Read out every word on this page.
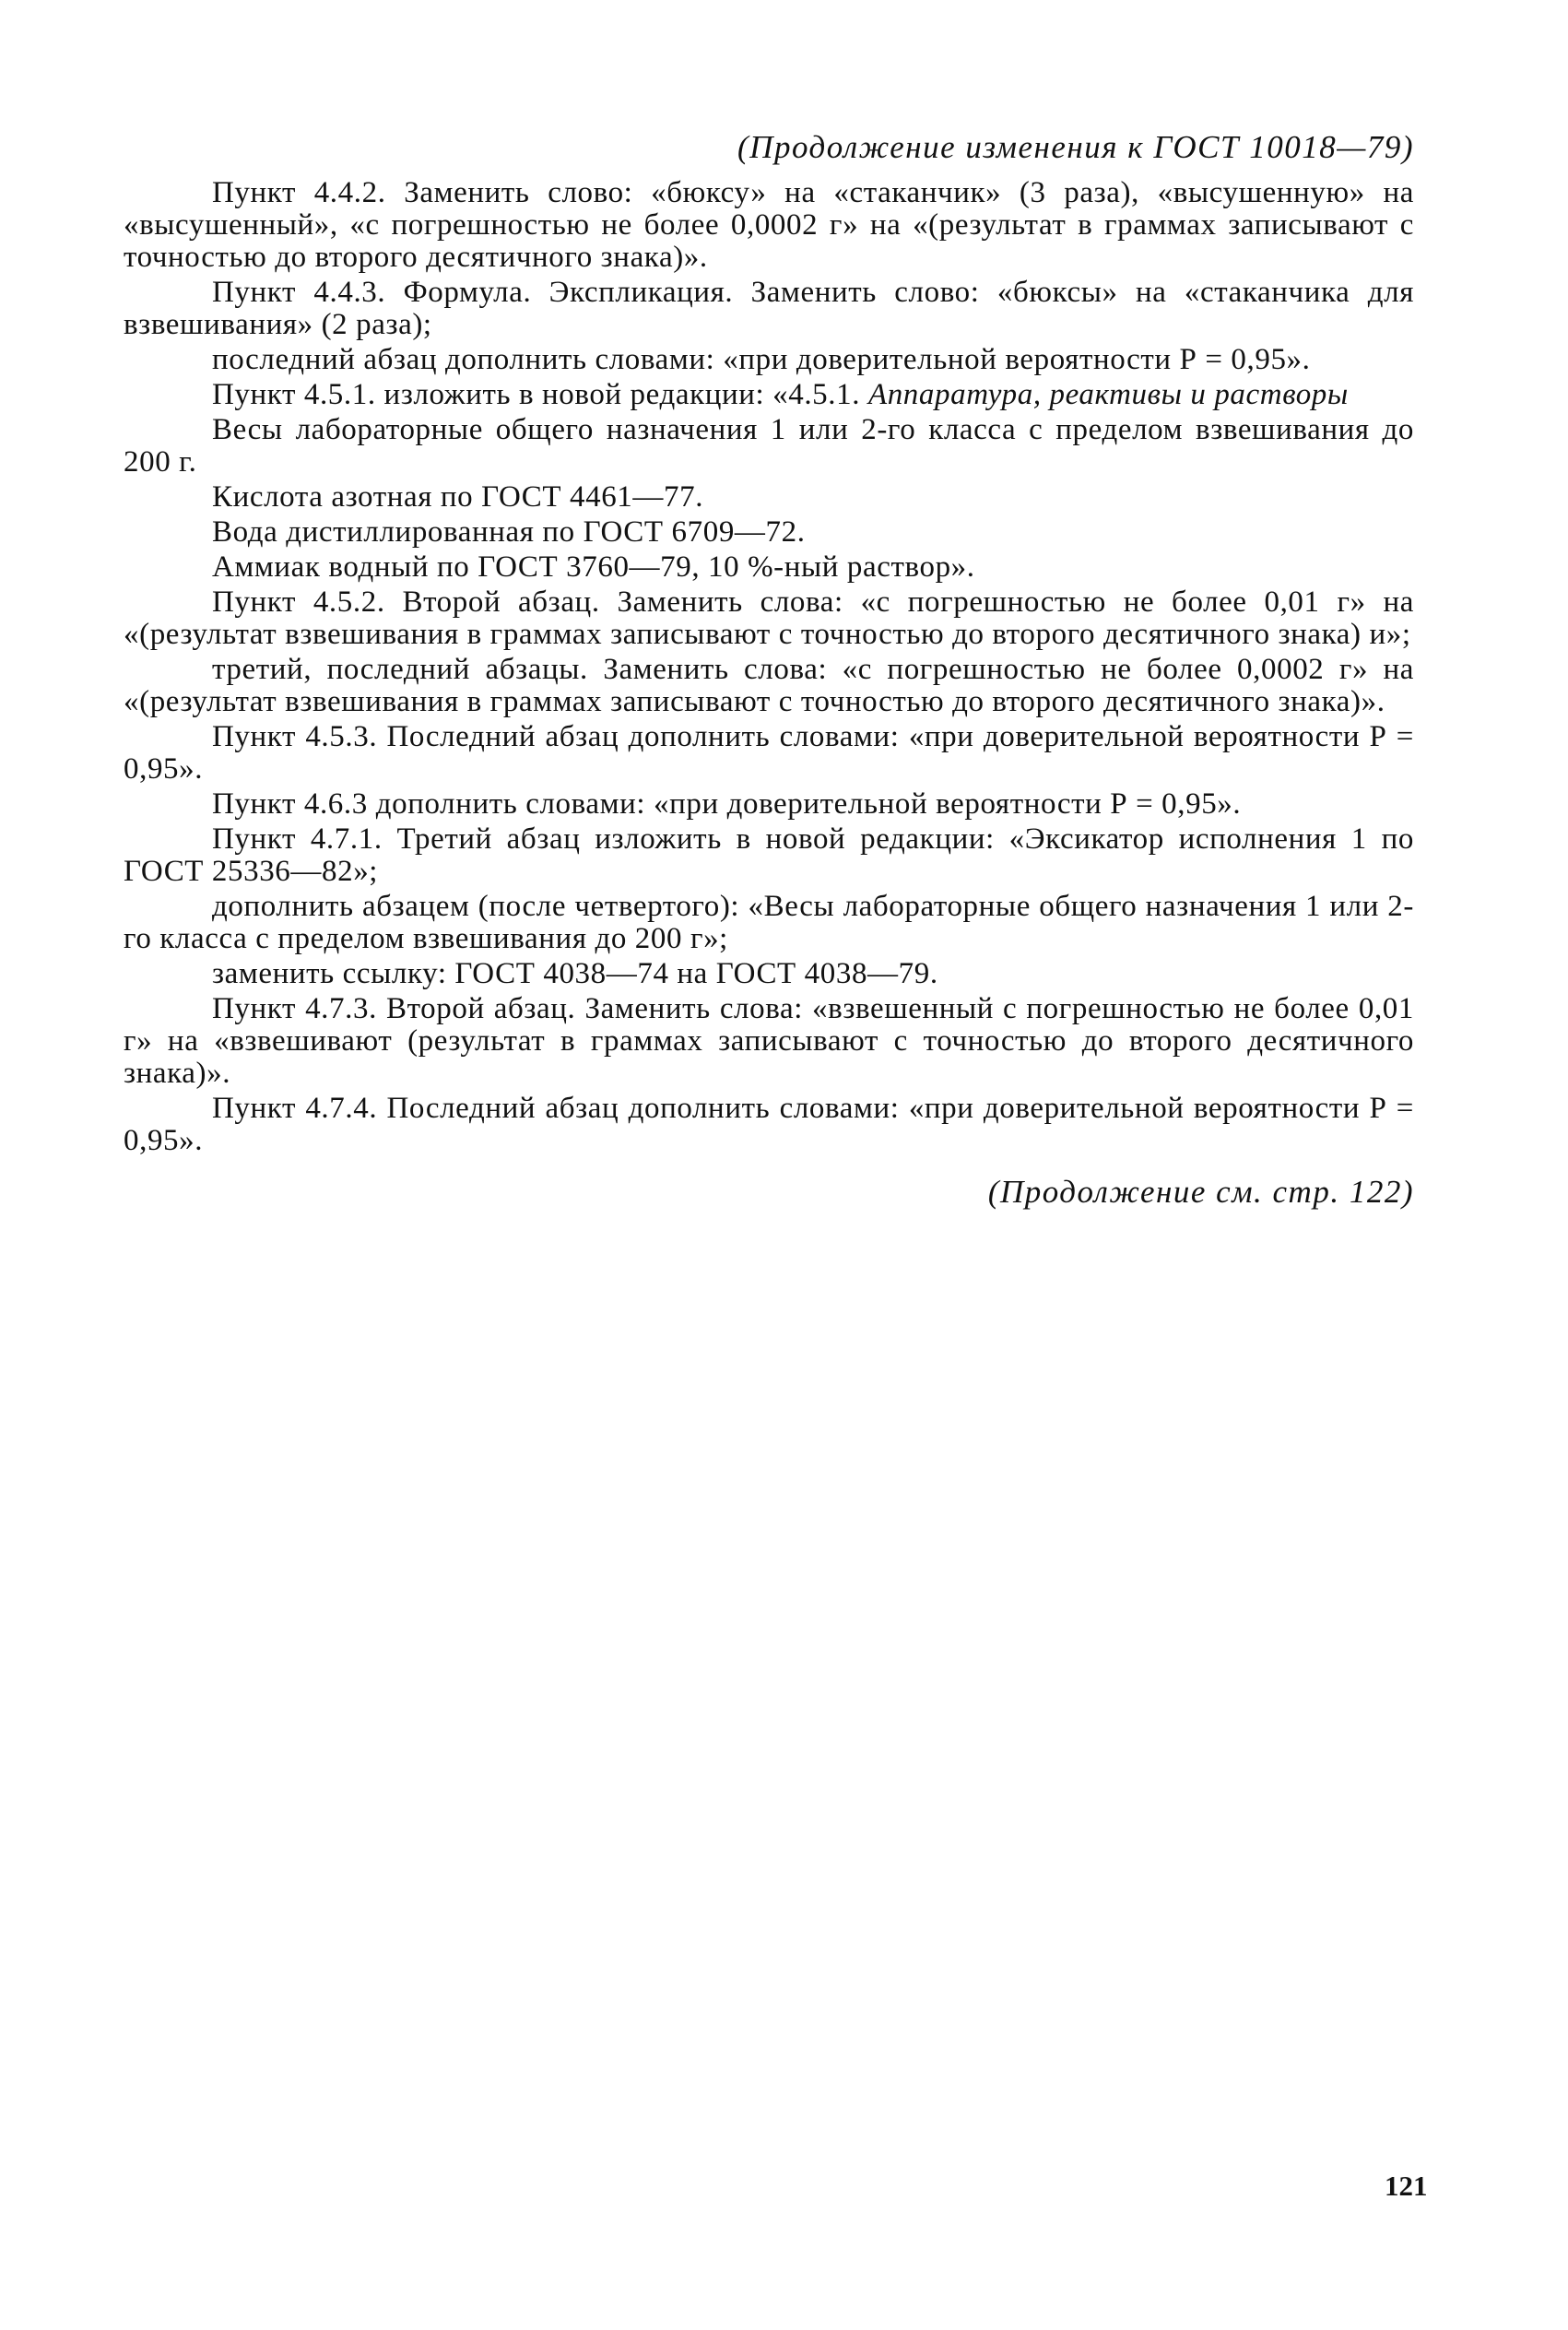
(Продолжение изменения к ГОСТ 10018—79)

Пункт 4.4.2. Заменить слово: «бюксу» на «стаканчик» (3 раза), «высушенную» на «высушенный», «с погрешностью не более 0,0002 г» на «(результат в граммах записывают с точностью до второго десятичного знака)».

Пункт 4.4.3. Формула. Экспликация. Заменить слово: «бюксы» на «стаканчика для взвешивания» (2 раза);

последний абзац дополнить словами: «при доверительной вероятности Р = 0,95».

Пункт 4.5.1. изложить в новой редакции: «4.5.1. Аппаратура, реактивы и растворы

Весы лабораторные общего назначения 1 или 2-го класса с пределом взвешивания до 200 г.

Кислота азотная по ГОСТ 4461—77.

Вода дистиллированная по ГОСТ 6709—72.

Аммиак водный по ГОСТ 3760—79, 10 %-ный раствор».

Пункт 4.5.2. Второй абзац. Заменить слова: «с погрешностью не более 0,01 г» на «(результат взвешивания в граммах записывают с точностью до второго десятичного знака) и»;

третий, последний абзацы. Заменить слова: «с погрешностью не более 0,0002 г» на «(результат взвешивания в граммах записывают с точностью до второго десятичного знака)».

Пункт 4.5.3. Последний абзац дополнить словами: «при доверительной вероятности Р = 0,95».

Пункт 4.6.3 дополнить словами: «при доверительной вероятности Р = 0,95».

Пункт 4.7.1. Третий абзац изложить в новой редакции: «Эксикатор исполнения 1 по ГОСТ 25336—82»;

дополнить абзацем (после четвертого): «Весы лабораторные общего назначения 1 или 2-го класса с пределом взвешивания до 200 г»;

заменить ссылку: ГОСТ 4038—74 на ГОСТ 4038—79.

Пункт 4.7.3. Второй абзац. Заменить слова: «взвешенный с погрешностью не более 0,01 г» на «взвешивают (результат в граммах записывают с точностью до второго десятичного знака)».

Пункт 4.7.4. Последний абзац дополнить словами: «при доверительной вероятности Р = 0,95».

(Продолжение см. стр. 122)

121
